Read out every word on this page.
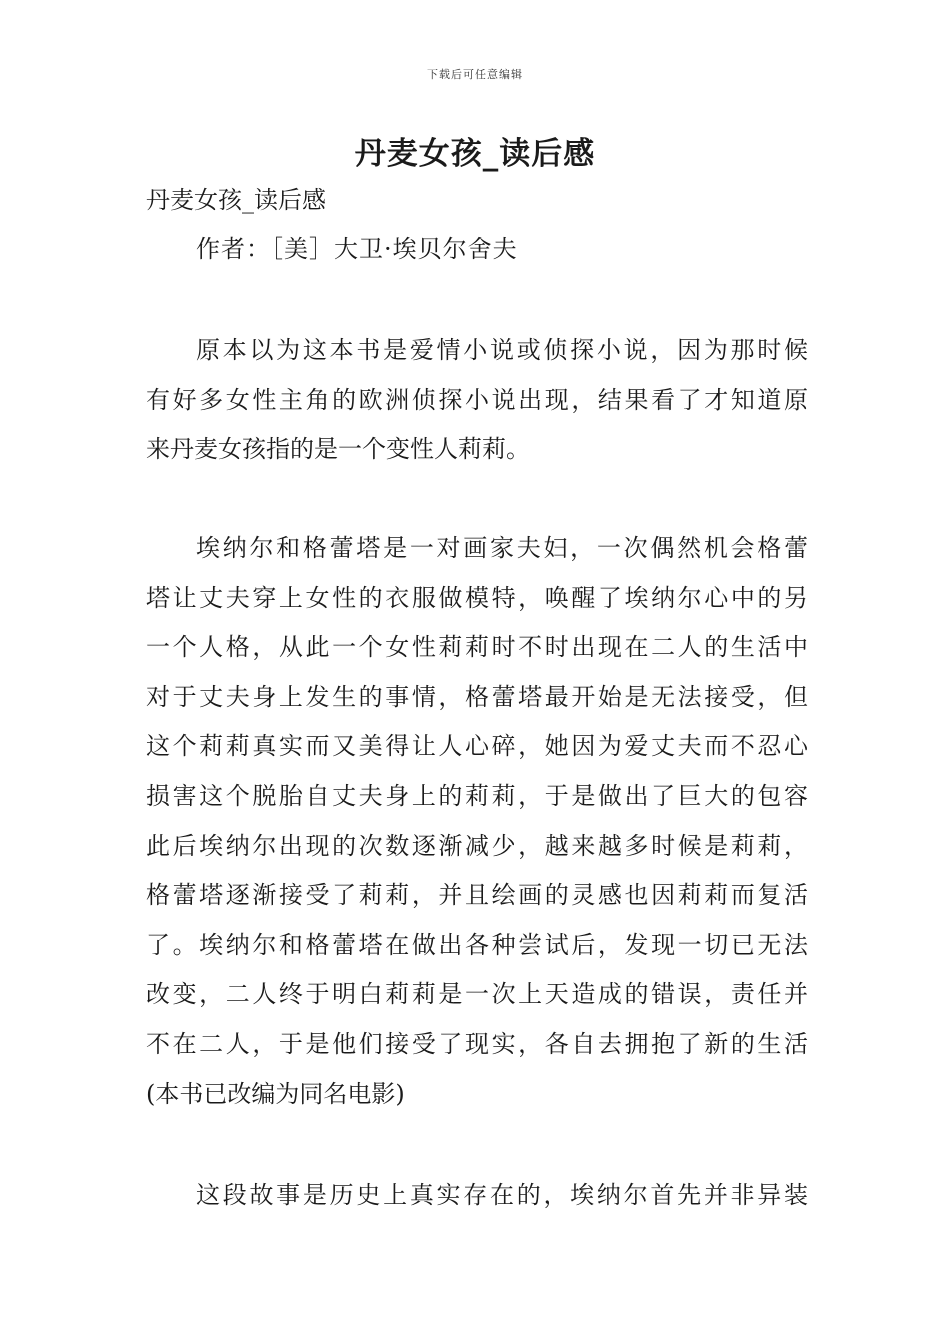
下载后可任意编辑
丹麦女孩_读后感

丹麦女孩_读后感

作者：［美］大卫·埃贝尔舍夫

原本以为这本书是爱情小说或侦探小说，因为那时候
有好多女性主角的欧洲侦探小说出现，结果看了才知道原
来丹麦女孩指的是一个变性人莉莉。
埃纳尔和格蕾塔是一对画家夫妇，一次偶然机会格蕾
塔让丈夫穿上女性的衣服做模特，唤醒了埃纳尔心中的另
一个人格，从此一个女性莉莉时不时出现在二人的生活中
对于丈夫身上发生的事情，格蕾塔最开始是无法接受，但
这个莉莉真实而又美得让人心碎，她因为爱丈夫而不忍心
损害这个脱胎自丈夫身上的莉莉，于是做出了巨大的包容
此后埃纳尔出现的次数逐渐减少，越来越多时候是莉莉，
格蕾塔逐渐接受了莉莉，并且绘画的灵感也因莉莉而复活
了。埃纳尔和格蕾塔在做出各种尝试后，发现一切已无法
改变，二人终于明白莉莉是一次上天造成的错误，责任并
不在二人，于是他们接受了现实，各自去拥抱了新的生活
(本书已改编为同名电影)
这段故事是历史上真实存在的，埃纳尔首先并非异装
